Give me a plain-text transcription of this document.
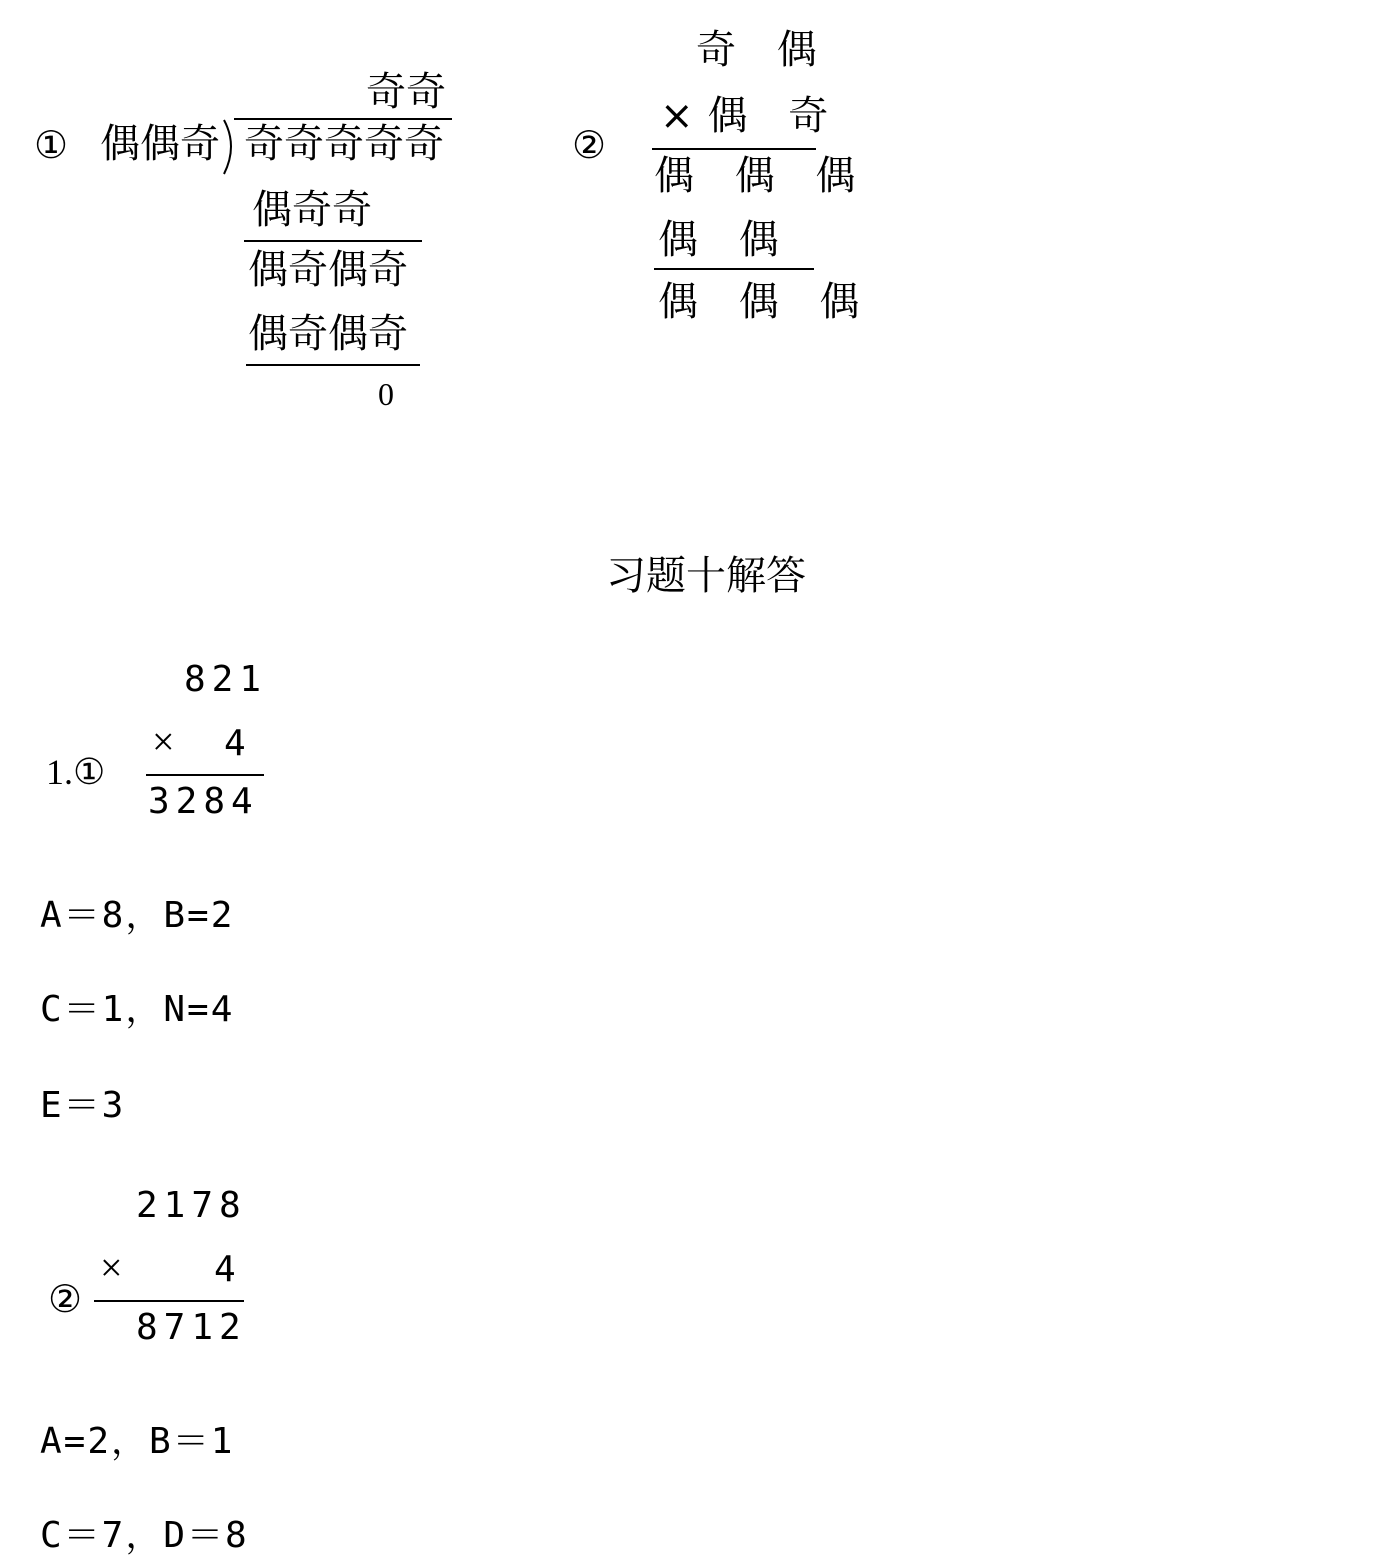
① 偶偶奇
奇奇
奇奇奇奇奇
偶奇奇
偶奇偶奇
偶奇偶奇
0
②
奇 偶
×偶 奇
偶 偶 偶
偶 偶
偶 偶 偶
习题十解答
1.①
821
× 4
3284
A＝8，B=2
C＝1，N=4
E＝3
②
2178
×	4
8712
A=2，B＝1
C＝7，D＝8
